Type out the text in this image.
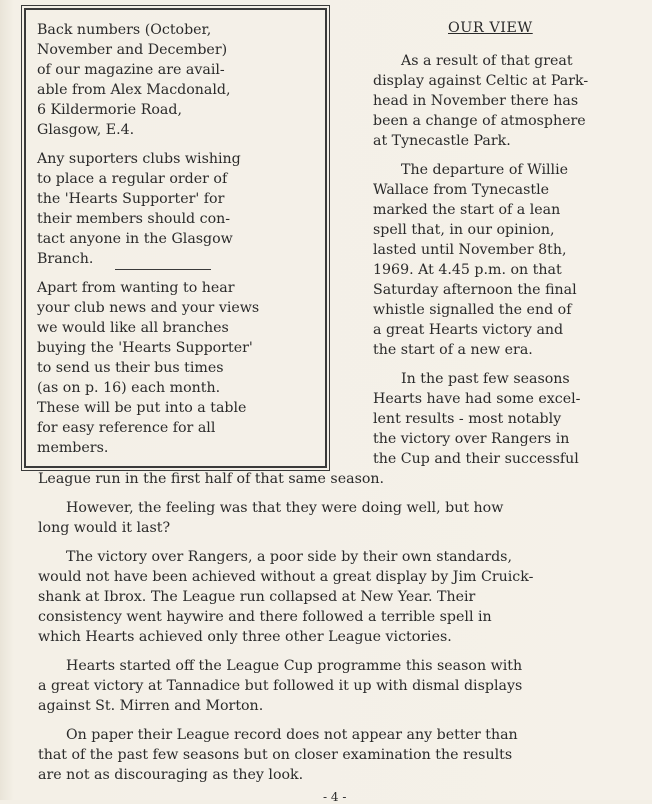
Back numbers (October,
November and December)
of our magazine are avail-
able from Alex Macdonald,
6 Kildermorie Road,
Glasgow, E.4.

Any suporters clubs wishing
to place a regular order of
the 'Hearts Supporter' for
their members should con-
tact anyone in the Glasgow
Branch.

Apart from wanting to hear
your club news and your views
we would like all branches
buying the 'Hearts Supporter'
to send us their bus times
(as on p. 16) each month.
These will be put into a table
for easy reference for all
members.

OUR VIEW

As a result of that great
display against Celtic at Park-
head in November there has
been a change of atmosphere
at Tynecastle Park.

The departure of Willie
Wallace from Tynecastle
marked the start of a lean
spell that, in our opinion,
lasted until November 8th,
1969. At 4.45 p.m. on that
Saturday afternoon the final
whistle signalled the end of
a great Hearts victory and
the start of a new era.

In the past few seasons
Hearts have had some excel-
lent results - most notably
the victory over Rangers in
the Cup and their successful

League run in the first half of that same season.

However, the feeling was that they were doing well, but how
long would it last?

The victory over Rangers, a poor side by their own standards,
would not have been achieved without a great display by Jim Cruick-
shank at Ibrox. The League run collapsed at New Year. Their
consistency went haywire and there followed a terrible spell in
which Hearts achieved only three other League victories.

Hearts started off the League Cup programme this season with
a great victory at Tannadice but followed it up with dismal displays
against St. Mirren and Morton.

On paper their League record does not appear any better than
that of the past few seasons but on closer examination the results
are not as discouraging as they look.

- 4 -
